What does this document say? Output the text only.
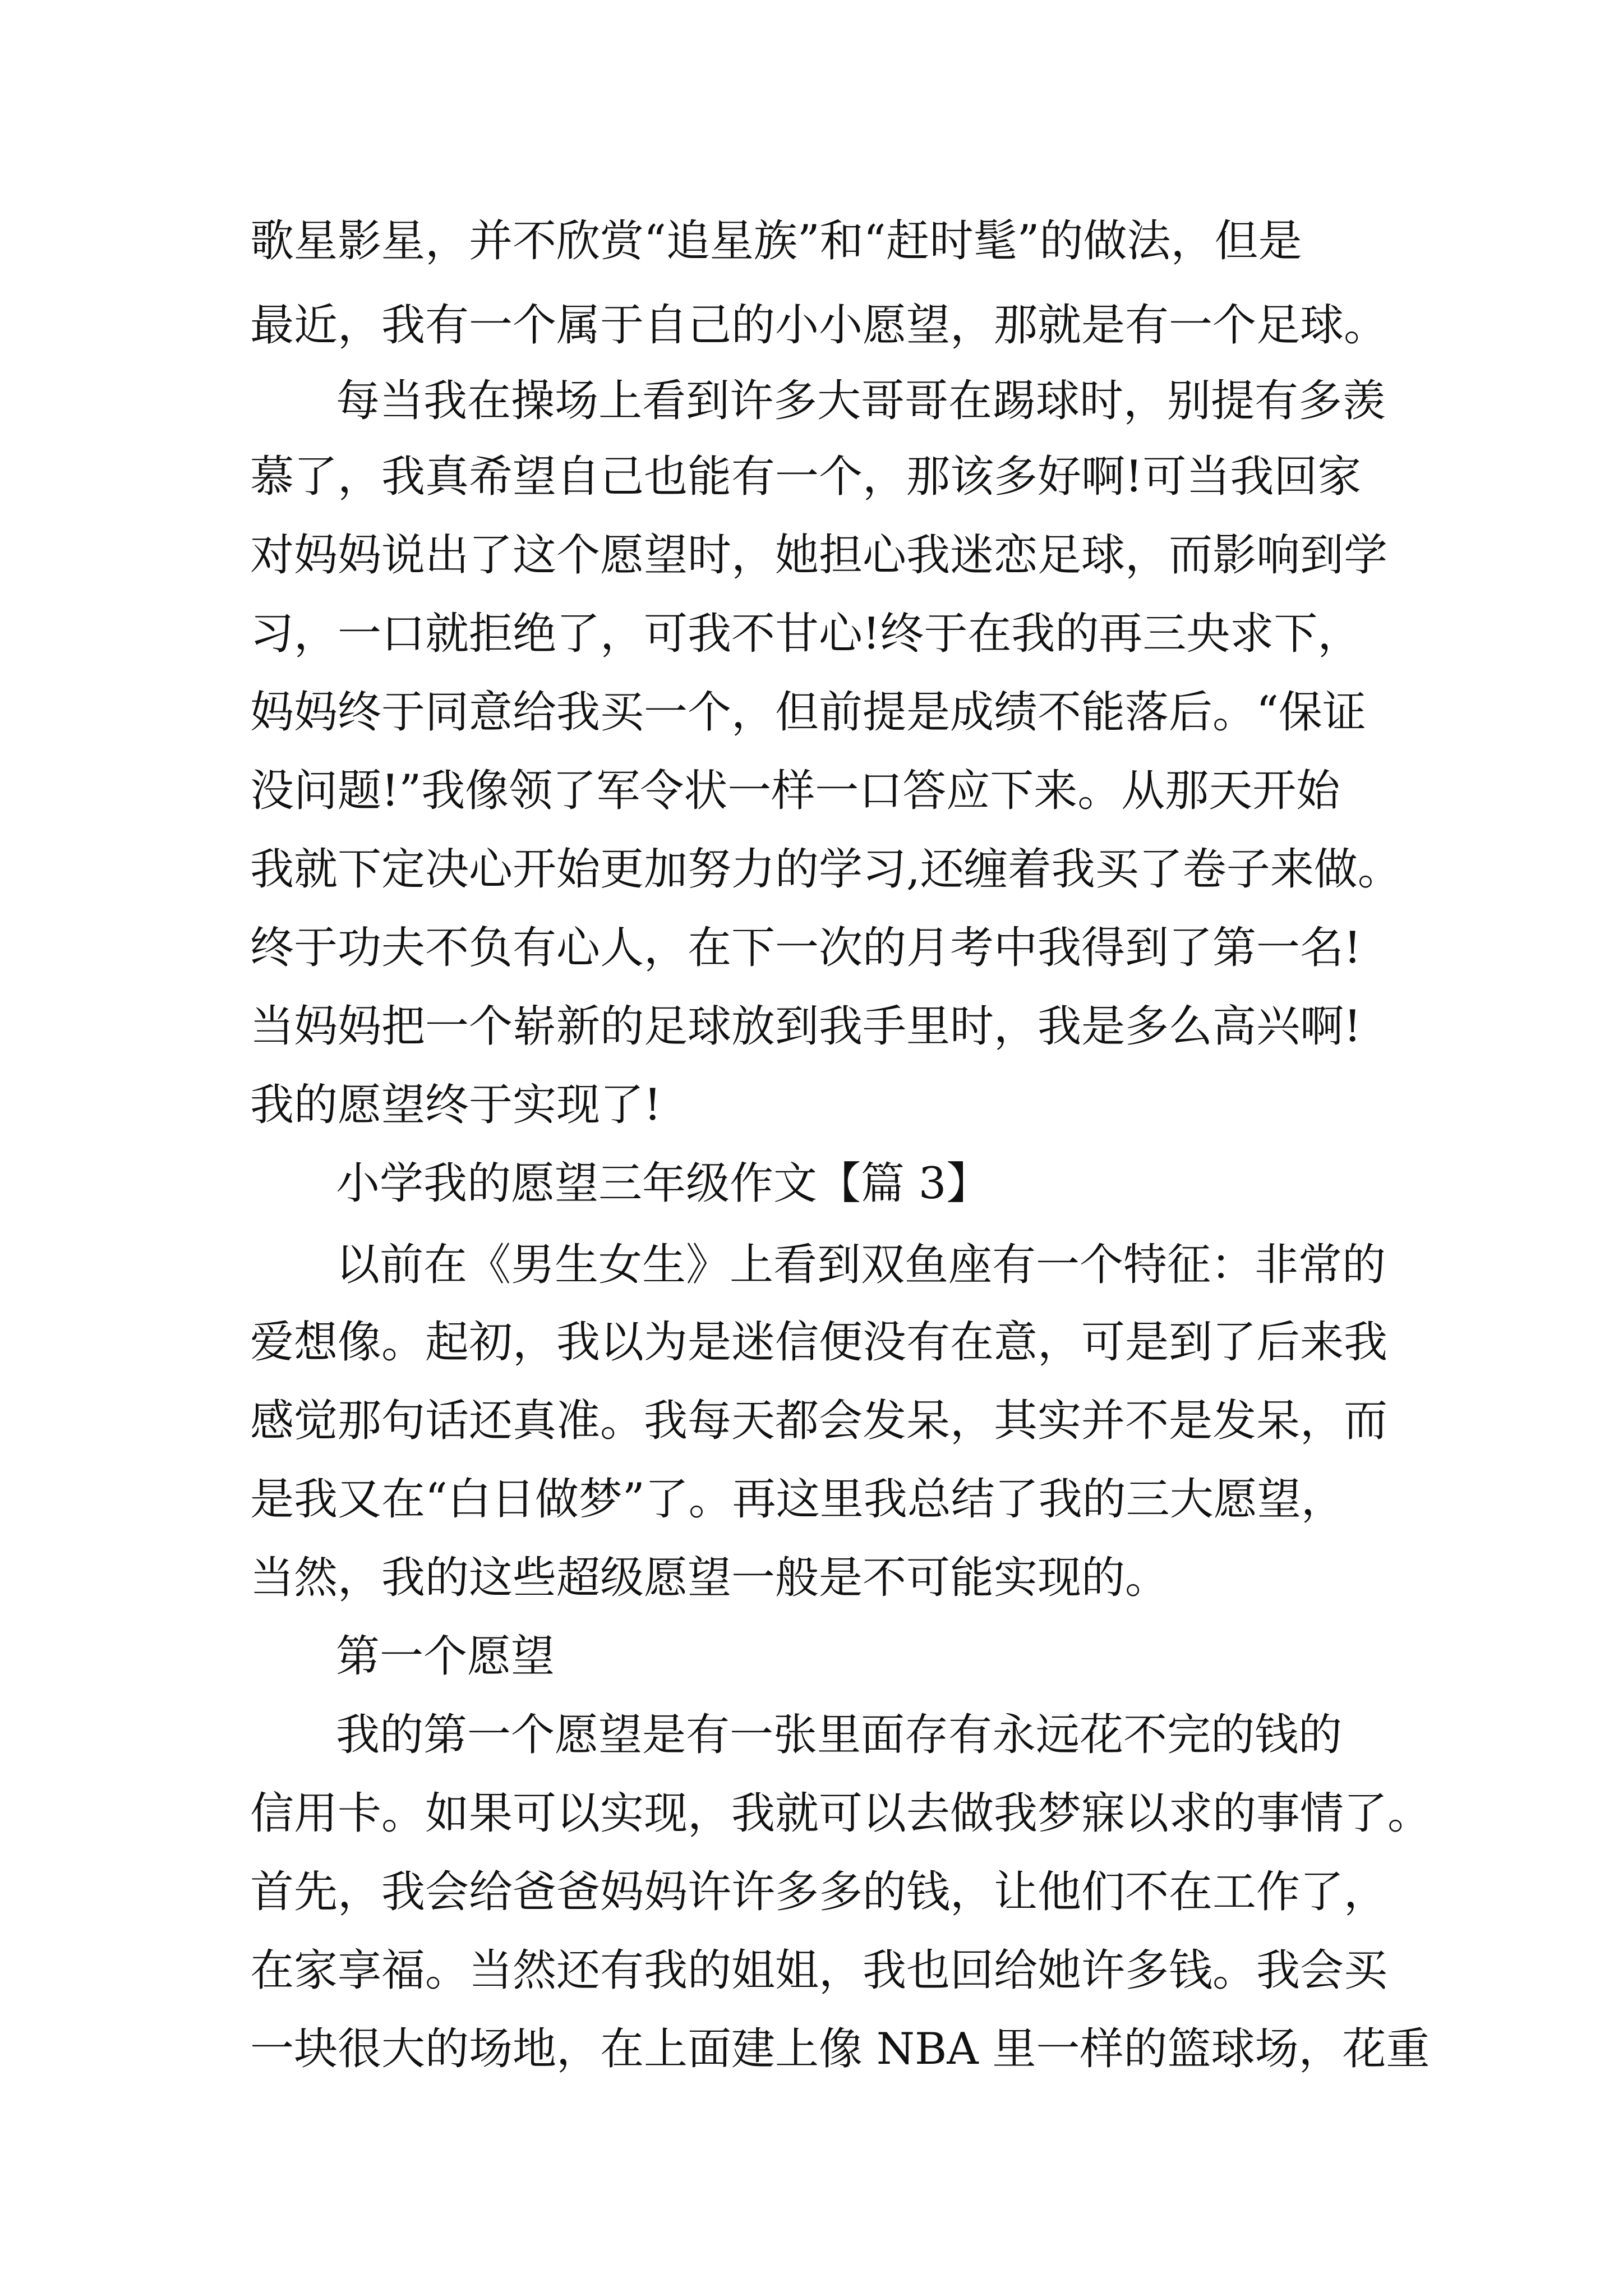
歌星影星，并不欣赏“追星族”和“赶时髦”的做法，但是
最近，我有一个属于自己的小小愿望，那就是有一个足球。
每当我在操场上看到许多大哥哥在踢球时，别提有多羡
慕了，我真希望自己也能有一个，那该多好啊!可当我回家
对妈妈说出了这个愿望时，她担心我迷恋足球，而影响到学
习，一口就拒绝了，可我不甘心!终于在我的再三央求下，
妈妈终于同意给我买一个，但前提是成绩不能落后。“保证
没问题!”我像领了军令状一样一口答应下来。从那天开始
我就下定决心开始更加努力的学习,还缠着我买了卷子来做。
终于功夫不负有心人，在下一次的月考中我得到了第一名!
当妈妈把一个崭新的足球放到我手里时，我是多么高兴啊!
我的愿望终于实现了!
小学我的愿望三年级作文【篇 3】
以前在《男生女生》上看到双鱼座有一个特征：非常的
爱想像。起初，我以为是迷信便没有在意，可是到了后来我
感觉那句话还真准。我每天都会发呆，其实并不是发呆，而
是我又在“白日做梦”了。再这里我总结了我的三大愿望，
当然，我的这些超级愿望一般是不可能实现的。
第一个愿望
我的第一个愿望是有一张里面存有永远花不完的钱的
信用卡。如果可以实现，我就可以去做我梦寐以求的事情了。
首先，我会给爸爸妈妈许许多多的钱，让他们不在工作了，
在家享福。当然还有我的姐姐，我也回给她许多钱。我会买
一块很大的场地，在上面建上像 NBA 里一样的篮球场，花重
